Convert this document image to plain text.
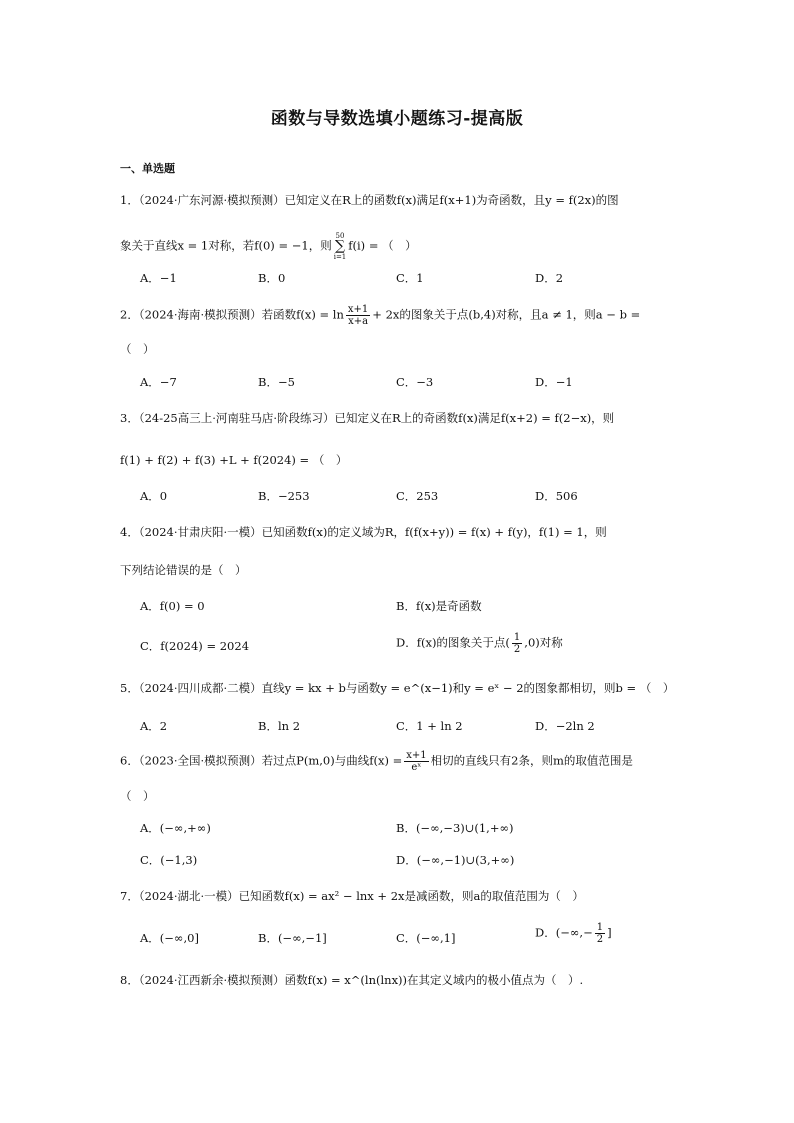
函数与导数选填小题练习-提高版
一、单选题
1．（2024·广东河源·模拟预测）已知定义在R上的函数f(x)满足f(x+1)为奇函数，且y = f(2x)的图
象关于直线x = 1对称，若f(0) = −1，则50
∑
i=1f(i) = （　）
A．−1	B．0	C．1	D．2
2．（2024·海南·模拟预测）若函数$f(x) = \ln \frac{x+1}{x+a} + 2x$的图象关于点(b,4)对称，且a ≠ 1，则a − b =
（　）
A．−7	B．−5	C．−3	D．−1
3．（24-25高三上·河南驻马店·阶段练习）已知定义在R上的奇函数f(x)满足f(x+2) = f(2−x)，则
f(1) + f(2) + f(3) +L + f(2024) = （　）
A．0	B．−253	C．253	D．506
4．（2024·甘肃庆阳·一模）已知函数f(x)的定义域为R，f(f(x+y)) = f(x) + f(y)，f(1) = 1，则
下列结论错误的是（　）
A．f(0) = 0	B．f(x)是奇函数
C．f(2024) = 2024	D．f(x)的图象关于点( $\frac{1}{2} ,0$)对称
5．（2024·四川成都·二模）直线y = kx + b与函数y = e^(x−1)和y = eˣ − 2的图象都相切，则b = （　）
A．2	B．ln 2	C．1 + ln 2	D．−2ln 2
6．（2023·全国·模拟预测）若过点P(m,0)与曲线$f(x) = \frac{x+1}{\text{eˣ}}$ 相切的直线只有2条，则m的取值范围是
（　）
A．(−∞,+∞)	B．(−∞,−3)∪(1,+∞)
C．(−1,3)	D．(−∞,−1)∪(3,+∞)
7．（2024·湖北·一模）已知函数f(x) = ax² − lnx + 2x是减函数，则a的取值范围为（　）
A．(−∞,0]	B．(−∞,−1]	C．(−∞,1]	D．(−∞,− $\frac{1}{2}$ ]
8．（2024·江西新余·模拟预测）函数f(x) = x^(ln(lnx))在其定义域内的极小值点为（　）.
